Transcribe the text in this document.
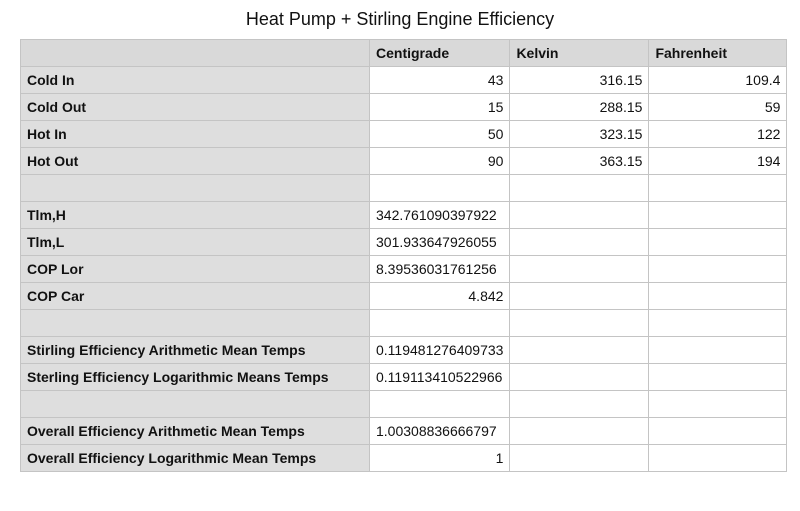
Heat Pump + Stirling Engine Efficiency
	Centigrade	Kelvin	Fahrenheit
Cold In	43	316.15	109.4
Cold Out	15	288.15	59
Hot In	50	323.15	122
Hot Out	90	363.15	194

Tlm,H	342.761090397922		
Tlm,L	301.933647926055		
COP Lor	8.39536031761256		
COP Car	4.842		

Stirling Efficiency Arithmetic Mean Temps	0.119481276409733		
Sterling Efficiency Logarithmic Means Temps	0.119113410522966		

Overall Efficiency Arithmetic Mean Temps	1.00308836666797		
Overall Efficiency Logarithmic Mean Temps	1		
